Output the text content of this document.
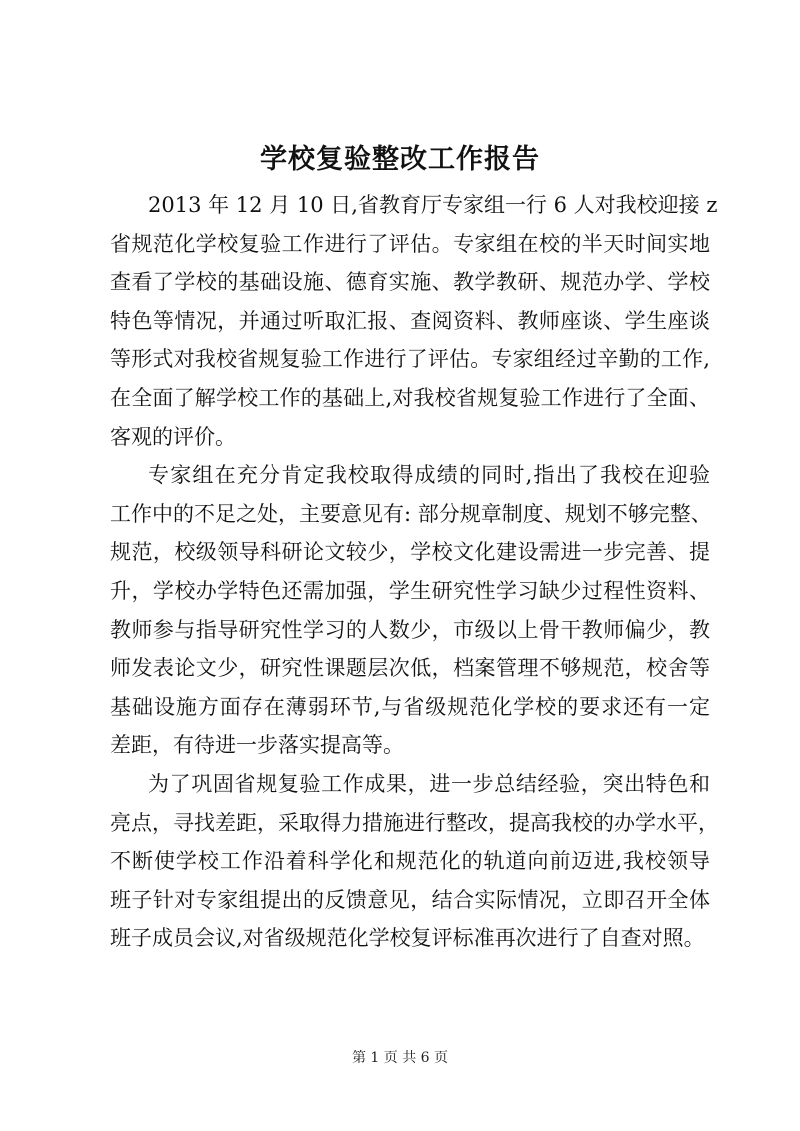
学校复验整改工作报告

2013 年 12 月 10 日,省教育厅专家组一行 6 人对我校迎接 z
省规范化学校复验工作进行了评估。专家组在校的半天时间实地
查看了学校的基础设施、德育实施、教学教研、规范办学、学校
特色等情况，并通过听取汇报、查阅资料、教师座谈、学生座谈
等形式对我校省规复验工作进行了评估。专家组经过辛勤的工作,
在全面了解学校工作的基础上,对我校省规复验工作进行了全面、
客观的评价。

专家组在充分肯定我校取得成绩的同时,指出了我校在迎验
工作中的不足之处，主要意见有: 部分规章制度、规划不够完整、
规范，校级领导科研论文较少，学校文化建设需进一步完善、提
升，学校办学特色还需加强，学生研究性学习缺少过程性资料、
教师参与指导研究性学习的人数少，市级以上骨干教师偏少，教
师发表论文少，研究性课题层次低，档案管理不够规范，校舍等
基础设施方面存在薄弱环节,与省级规范化学校的要求还有一定
差距，有待进一步落实提高等。

为了巩固省规复验工作成果，进一步总结经验，突出特色和
亮点，寻找差距，采取得力措施进行整改，提高我校的办学水平，
不断使学校工作沿着科学化和规范化的轨道向前迈进,我校领导
班子针对专家组提出的反馈意见，结合实际情况，立即召开全体
班子成员会议,对省级规范化学校复评标准再次进行了自查对照。

第 1 页 共 6 页
